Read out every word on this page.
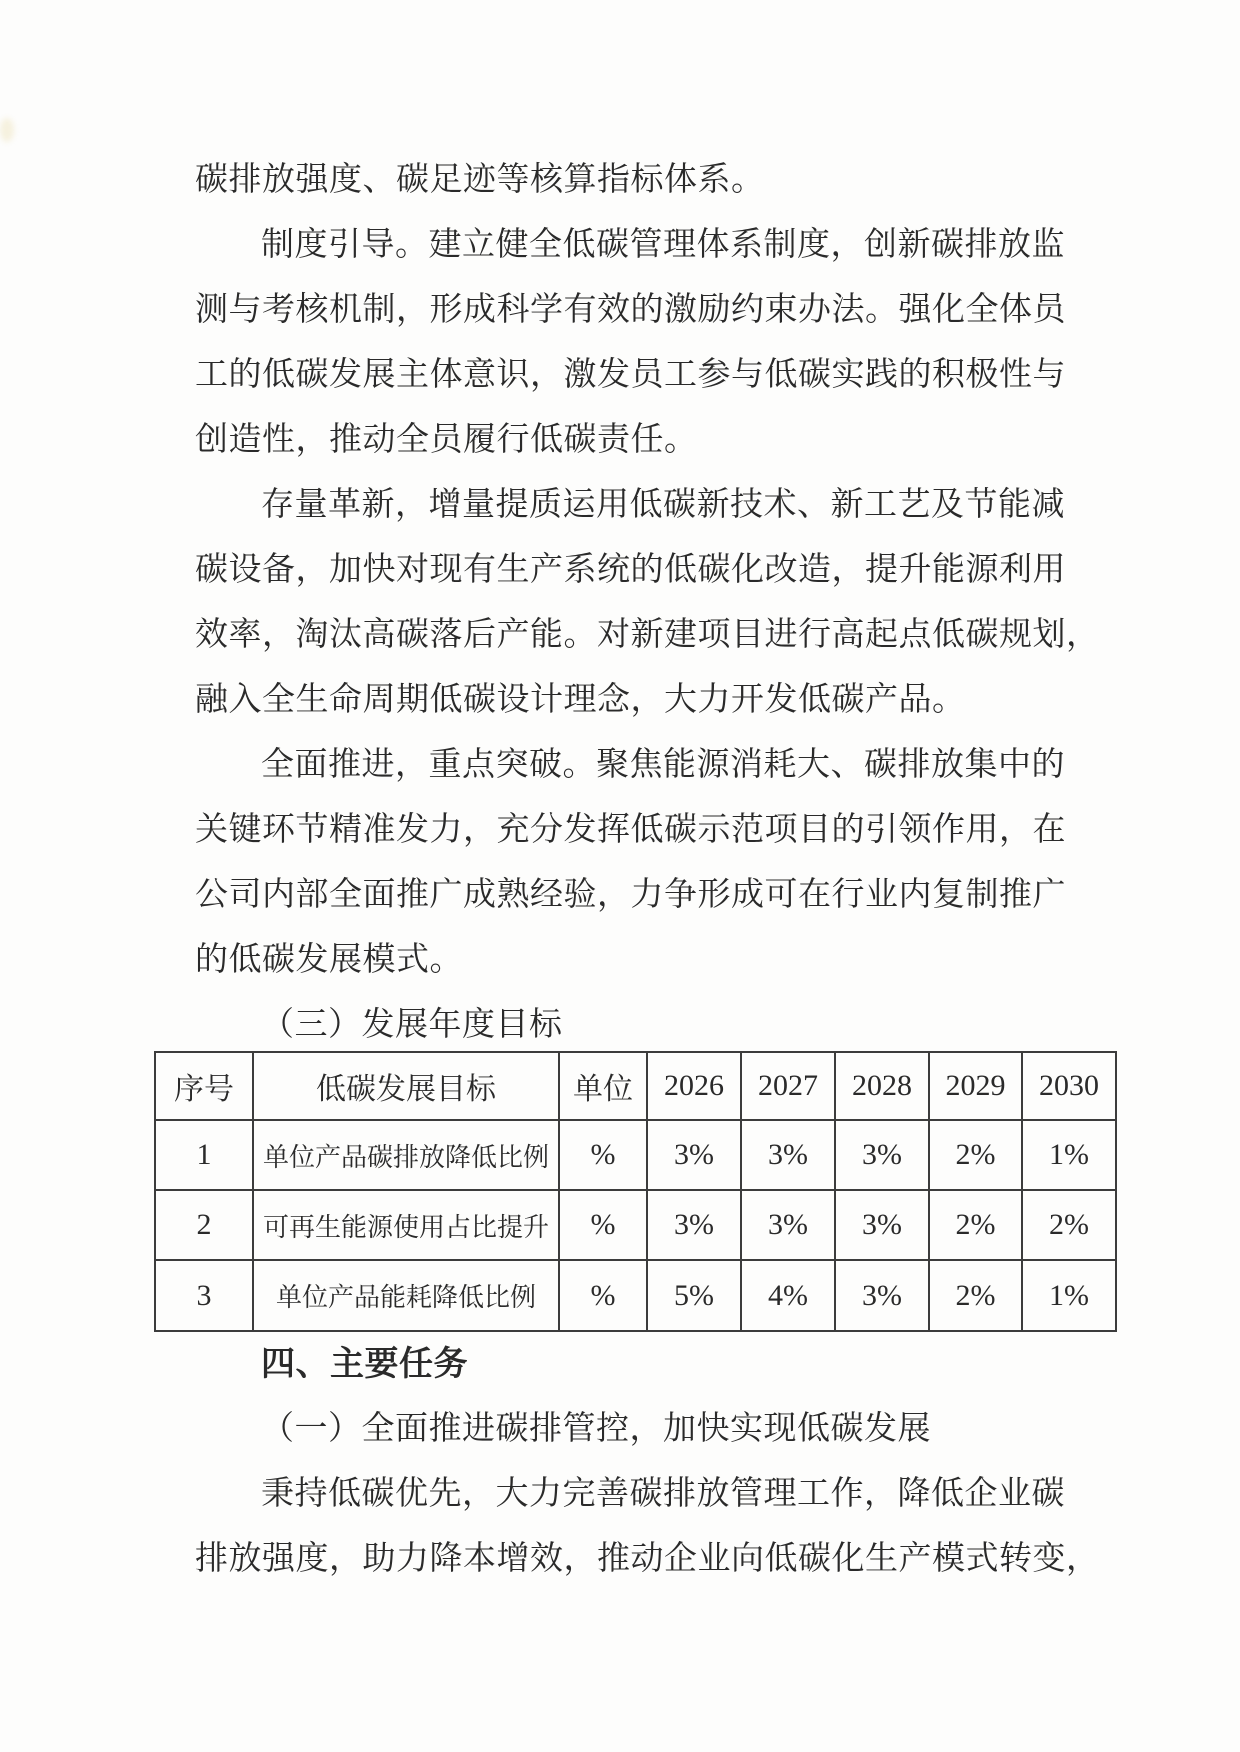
碳排放强度、碳足迹等核算指标体系。
制度引导。建立健全低碳管理体系制度，创新碳排放监
测与考核机制，形成科学有效的激励约束办法。强化全体员
工的低碳发展主体意识，激发员工参与低碳实践的积极性与
创造性，推动全员履行低碳责任。
存量革新，增量提质运用低碳新技术、新工艺及节能减
碳设备，加快对现有生产系统的低碳化改造，提升能源利用
效率，淘汰高碳落后产能。对新建项目进行高起点低碳规划，
融入全生命周期低碳设计理念，大力开发低碳产品。
全面推进，重点突破。聚焦能源消耗大、碳排放集中的
关键环节精准发力，充分发挥低碳示范项目的引领作用，在
公司内部全面推广成熟经验，力争形成可在行业内复制推广
的低碳发展模式。
（三）发展年度目标
序号	低碳发展目标	单位	2026	2027	2028	2029	2030
1	单位产品碳排放降低比例	%	3%	3%	3%	2%	1%
2	可再生能源使用占比提升	%	3%	3%	3%	2%	2%
3	单位产品能耗降低比例	%	5%	4%	3%	2%	1%
四、主要任务
（一）全面推进碳排管控，加快实现低碳发展
秉持低碳优先，大力完善碳排放管理工作，降低企业碳
排放强度，助力降本增效，推动企业向低碳化生产模式转变，
